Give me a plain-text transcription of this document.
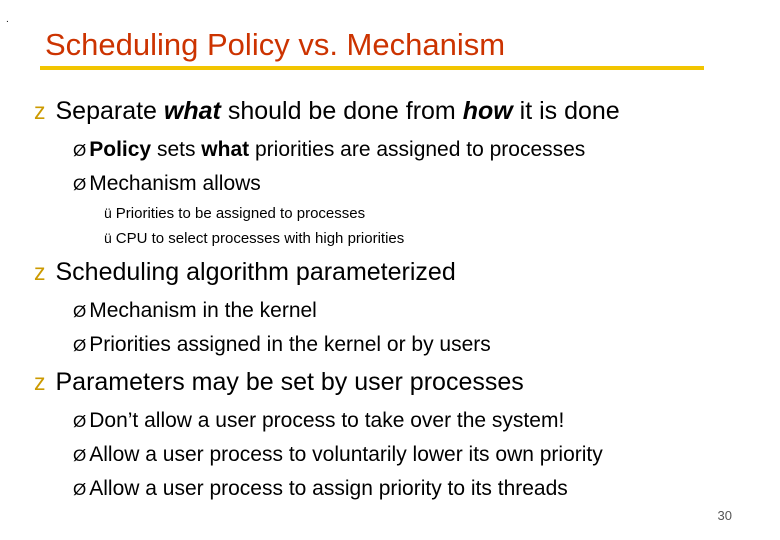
.
Scheduling Policy vs. Mechanism
z Separate what should be done from how it is done
Ø Policy sets what priorities are assigned to processes
Ø Mechanism allows
ü Priorities to be assigned to processes
ü CPU to select processes with high priorities
z Scheduling algorithm parameterized
Ø Mechanism in the kernel
Ø Priorities assigned in the kernel or by users
z Parameters may be set by user processes
Ø Don’t allow a user process to take over the system!
Ø Allow a user process to voluntarily lower its own priority
Ø Allow a user process to assign priority to its threads
30
